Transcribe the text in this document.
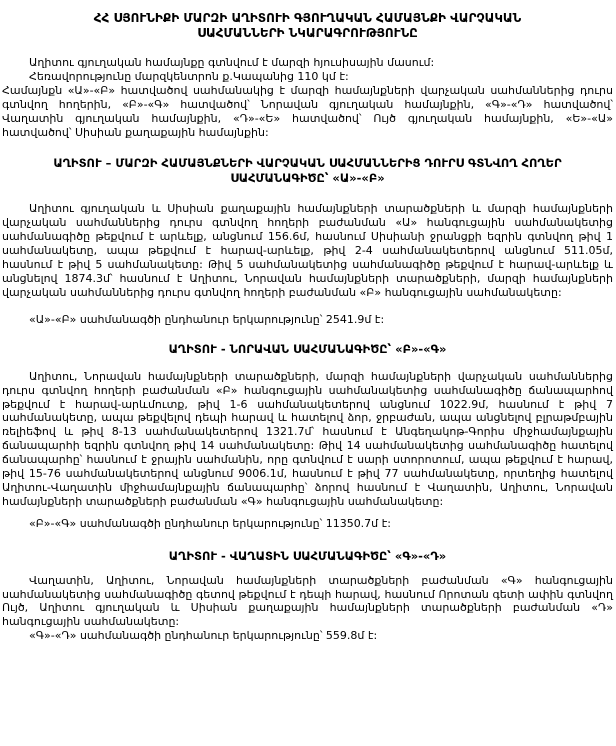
ՀՀ ՍՅՈՒՆԻՔԻ ՄԱՐԶԻ ԱՂԻՏՈՒԻ ԳՅՈՒՂԱԿԱՆ ՀԱՄԱՅՆՔԻ ՎԱՐՉԱԿԱՆ
ՍԱՀՄԱՆՆԵՐԻ ՆԿԱՐԱԳՐՈՒԹՅՈՒՆԸ

Աղիտու գյուղական համայնքը գտնվում է մարզի հյուսիսային մասում:

Հեռավորությունը մարզկենտրոն ք.Կապանից 110 կմ է:

Համայնքն «Ա»-«Բ» հատվածով սահմանակից է մարզի համայնքների վարչական սահմաններից դուրս գտնվող հողերին, «Բ»-«Գ» հատվածով՝ Նորավան գյուղական համայնքին, «Գ»-«Դ» հատվածով՝ Վաղատին գյուղական համայնքին, «Դ»-«Ե» հատվածով՝ Ույծ գյուղական համայնքին, «Ե»-«Ա» հատվածով՝ Սիսիան քաղաքային համայնքին:

ԱՂԻՏՈՒ – ՄԱՐԶԻ ՀԱՄԱՅՆՔՆԵՐԻ ՎԱՐՉԱԿԱՆ ՍԱՀՄԱՆՆԵՐԻՑ ԴՈՒՐՍ ԳՏՆՎՈՂ ՀՈՂԵՐ
ՍԱՀՄԱՆԱԳԻԾԸ՝ «Ա»-«Բ»

Աղիտու գյուղական և Սիսիան քաղաքային համայնքների տարածքների և մարզի համայնքների վարչական սահմաններից դուրս գտնվող հողերի բաժանման «Ա» հանգուցային սահմանակետից սահմանագիծը թեքվում է արևելք, անցնում 156.6մ, հասնում Սիսիանի ջրանցքի եզրին գտնվող թիվ 1 սահմանակետը, ապա թեքվում է հարավ-արևելք, թիվ 2-4 սահմանակետերով անցնում 511.05մ, հասնում է թիվ 5 սահմանակետը: Թիվ 5 սահմանակետից սահմանագիծը թեքվում է հարավ-արևելք և անցնելով 1874.3մ՝ հասնում է Աղիտու, Նորավան համայնքների տարածքների, մարզի համայնքների վարչական սահմաններից դուրս գտնվող հողերի բաժանման «Բ» հանգուցային սահմանակետը:

«Ա»-«Բ» սահմանագծի ընդհանուր երկարությունը՝ 2541.9մ է:

ԱՂԻՏՈՒ - ՆՈՐԱՎԱՆ ՍԱՀՄԱՆԱԳԻԾԸ՝ «Բ»-«Գ»

Աղիտու, Նորավան համայնքների տարածքների, մարզի համայնքների վարչական սահմաններից դուրս գտնվող հողերի բաժանման «Բ» հանգուցային սահմանակետից սահմանագիծը ճանապարհով թեքվում է հարավ-արևմուտք, թիվ 1-6 սահմանակետերով անցնում 1022.9մ, հասնում է թիվ 7 սահմանակետը, ապա թեքվելով դեպի հարավ և հատելով ձոր, ջրբաժան, ապա անցնելով բլրաթմբային ռելիեֆով և թիվ 8-13 սահմանակետերով 1321.7մ՝ հասնում է Անգեղակոթ-Գորիս միջհամայնքային ճանապարհի եզրին գտնվող թիվ 14 սահմանակետը: Թիվ 14 սահմանակետից սահմանագիծը հատելով ճանապարհը՝ հասնում է ջրային սահմանին, որը գտնվում է սարի ստորոտում, ապա թեքվում է հարավ, թիվ 15-76 սահմանակետերով անցնում 9006.1մ, հասնում է թիվ 77 սահմանակետը, որտեղից հատելով Աղիտու-Վաղատին միջհամայնքային ճանապարհը՝ ձորով հասնում է Վաղատին, Աղիտու, Նորավան համայնքների տարածքների բաժանման «Գ» հանգուցային սահմանակետը:

«Բ»-«Գ» սահմանագծի ընդհանուր երկարությունը՝ 11350.7մ է:

ԱՂԻՏՈՒ - ՎԱՂԱՏԻՆ ՍԱՀՄԱՆԱԳԻԾԸ՝ «Գ»-«Դ»

Վաղատին, Աղիտու, Նորավան համայնքների տարածքների բաժանման «Գ» հանգուցային սահմանակետից սահմանագիծը գետով թեքվում է դեպի հարավ, հասնում Որոտան գետի ափին գտնվող Ույծ, Աղիտու գյուղական և Սիսիան քաղաքային համայնքների տարածքների բաժանման «Դ» հանգուցային սահմանակետը:

«Գ»-«Դ» սահմանագծի ընդհանուր երկարությունը՝ 559.8մ է:
